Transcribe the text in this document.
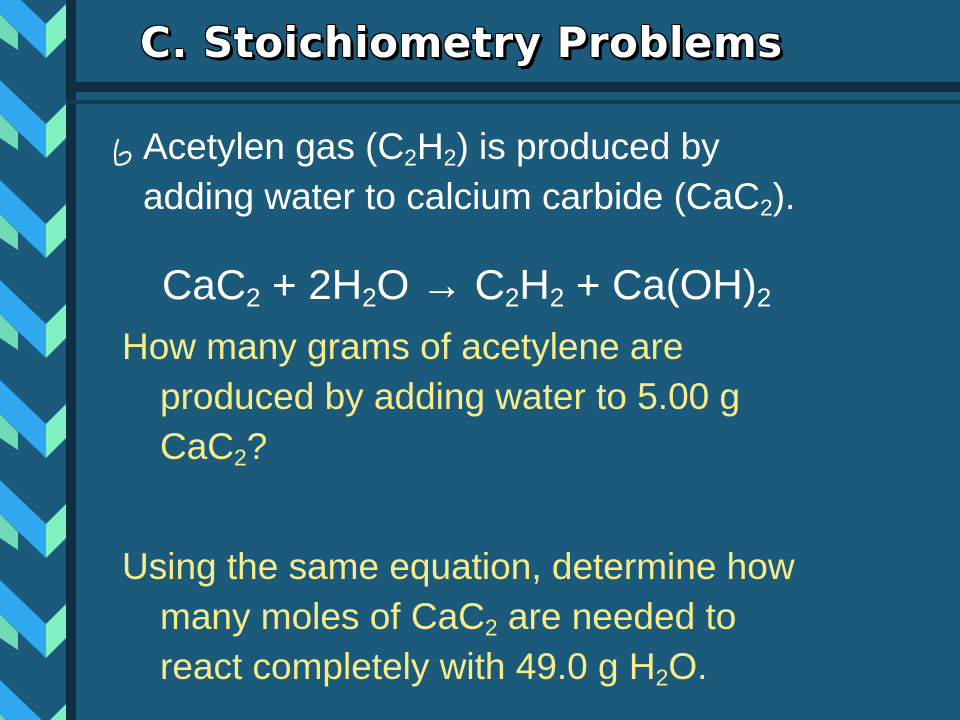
C. Stoichiometry Problems
Acetylen gas $(C_2H_2)$ is produced by
adding water to calcium carbide (CaC$_2$).
$CaC_2 + 2H_2O \to C_2H_2 + Ca(OH)_2$
How many grams of acetylene are
produced by adding water to 5.00 g
CaC$_2$?
Using the same equation, determine how
many moles of CaC$_2$ are needed to
react completely with 49.0 g $H_2O$.
